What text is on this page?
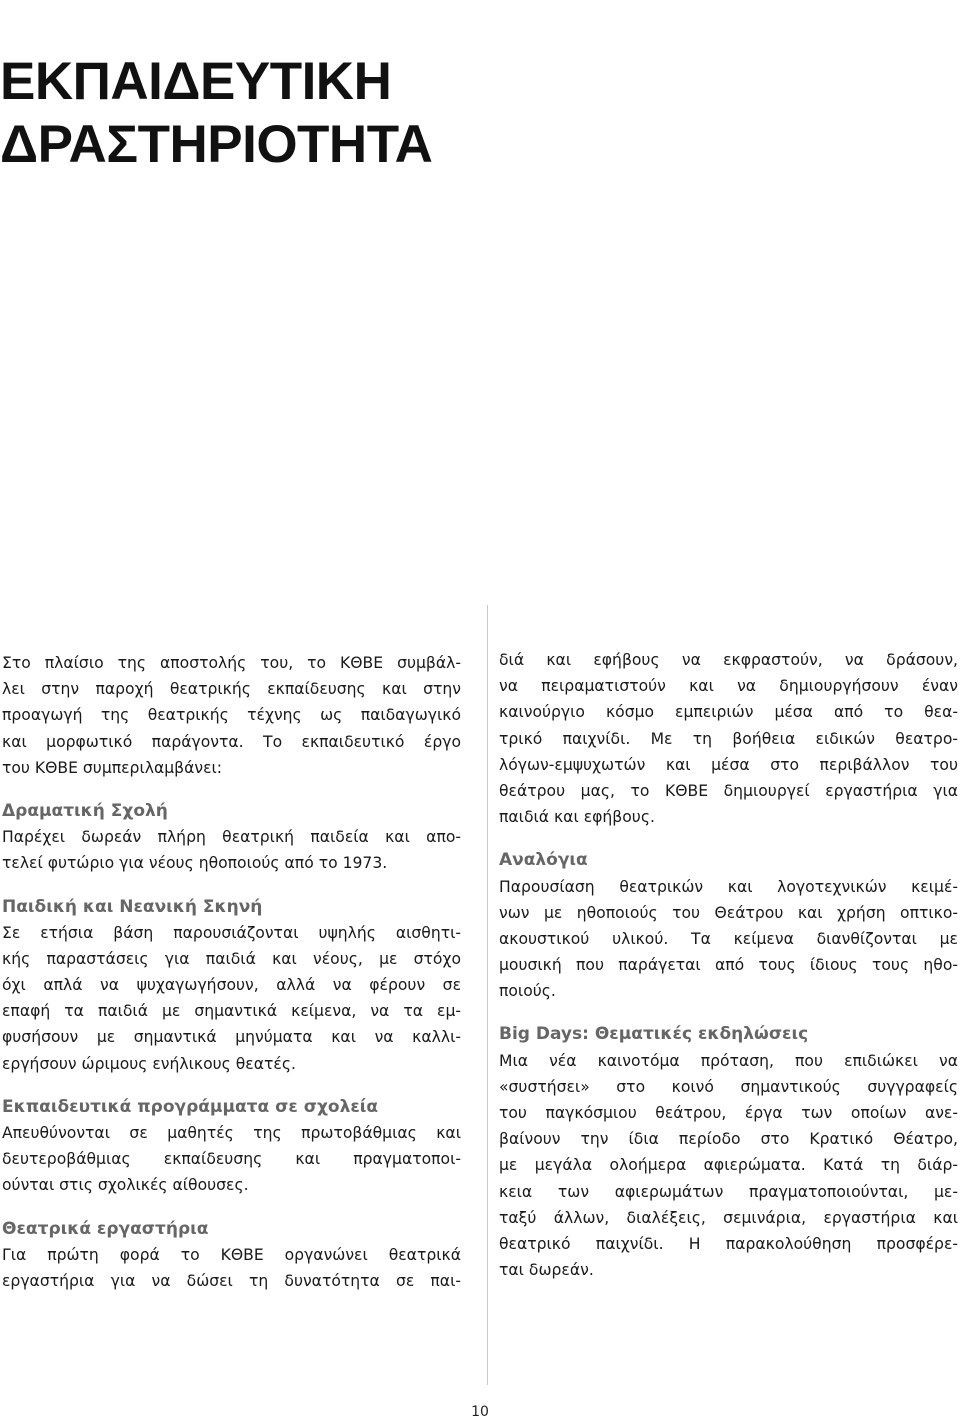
ΕΚΠΑΙΔΕΥΤΙΚΗ
ΔΡΑΣΤΗΡΙΟΤΗΤΑ
Στο πλαίσιο της αποστολής του, το ΚΘΒΕ συμβάλ-
λει στην παροχή θεατρικής εκπαίδευσης και στην
προαγωγή της θεατρικής τέχνης ως παιδαγωγικό
και μορφωτικό παράγοντα. Το εκπαιδευτικό έργο
του ΚΘΒΕ συμπεριλαμβάνει:
Δραματική Σχολή
Παρέχει δωρεάν πλήρη θεατρική παιδεία και απο-
τελεί φυτώριο για νέους ηθοποιούς από το 1973.
Παιδική και Νεανική Σκηνή
Σε ετήσια βάση παρουσιάζονται υψηλής αισθητι-
κής παραστάσεις για παιδιά και νέους, με στόχο
όχι απλά να ψυχαγωγήσουν, αλλά να φέρουν σε
επαφή τα παιδιά με σημαντικά κείμενα, να τα εμ-
φυσήσουν με σημαντικά μηνύματα και να καλλι-
εργήσουν ώριμους ενήλικους θεατές.
Εκπαιδευτικά προγράμματα σε σχολεία
Απευθύνονται σε μαθητές της πρωτοβάθμιας και
δευτεροβάθμιας εκπαίδευσης και πραγματοποι-
ούνται στις σχολικές αίθουσες.
Θεατρικά εργαστήρια
Για πρώτη φορά το ΚΘΒΕ οργανώνει θεατρικά
εργαστήρια για να δώσει τη δυνατότητα σε παι-
διά και εφήβους να εκφραστούν, να δράσουν,
να πειραματιστούν και να δημιουργήσουν έναν
καινούργιο κόσμο εμπειριών μέσα από το θεα-
τρικό παιχνίδι. Με τη βοήθεια ειδικών θεατρο-
λόγων-εμψυχωτών και μέσα στο περιβάλλον του
θεάτρου μας, το ΚΘΒΕ δημιουργεί εργαστήρια για
παιδιά και εφήβους.
Αναλόγια
Παρουσίαση θεατρικών και λογοτεχνικών κειμέ-
νων με ηθοποιούς του Θεάτρου και χρήση οπτικο-
ακουστικού υλικού. Τα κείμενα διανθίζονται με
μουσική που παράγεται από τους ίδιους τους ηθο-
ποιούς.
Big Days: Θεματικές εκδηλώσεις
Μια νέα καινοτόμα πρόταση, που επιδιώκει να
«συστήσει» στο κοινό σημαντικούς συγγραφείς
του παγκόσμιου θεάτρου, έργα των οποίων ανε-
βαίνουν την ίδια περίοδο στο Κρατικό Θέατρο,
με μεγάλα ολοήμερα αφιερώματα. Κατά τη διάρ-
κεια των αφιερωμάτων πραγματοποιούνται, με-
ταξύ άλλων, διαλέξεις, σεμινάρια, εργαστήρια και
θεατρικό παιχνίδι. Η παρακολούθηση προσφέρε-
ται δωρεάν.
10
